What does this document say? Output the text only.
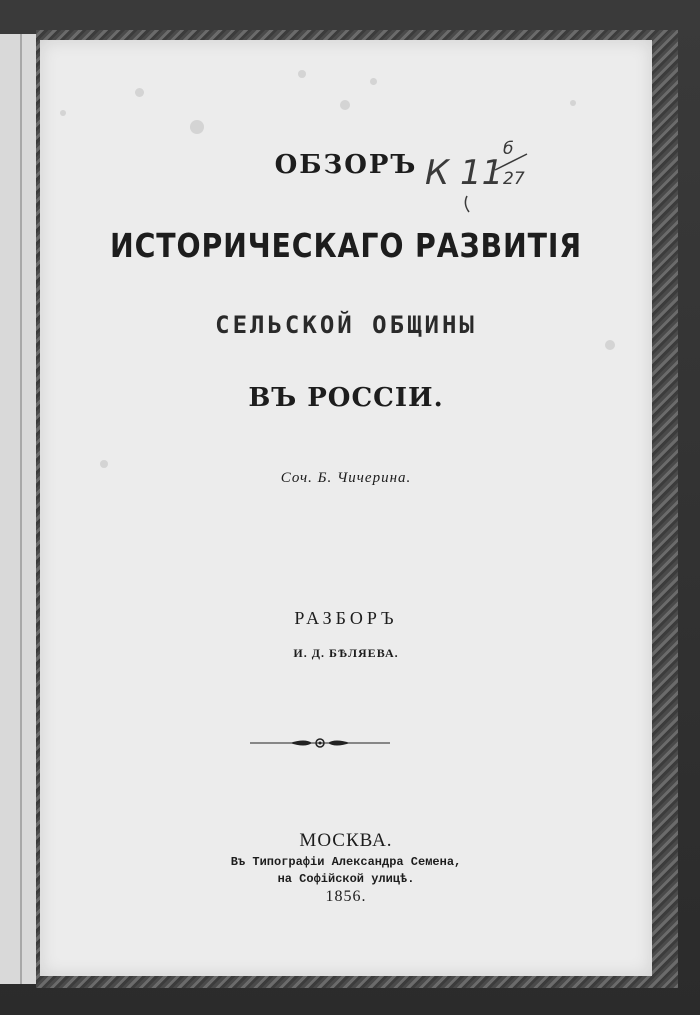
ОБЗОРЪ
ИСТОРИЧЕСКАГО РАЗВИТІЯ
СЕЛЬСКОЙ ОБЩИНЫ
ВЪ РОССІИ.
Соч. Б. Чичерина.
РАЗБОРЪ
И. Д. БѢЛЯЕВА.
МОСКВА.
Въ Типографіи Александра Семена,
на Софійской улицѣ.
1856.
К 11
б
27
